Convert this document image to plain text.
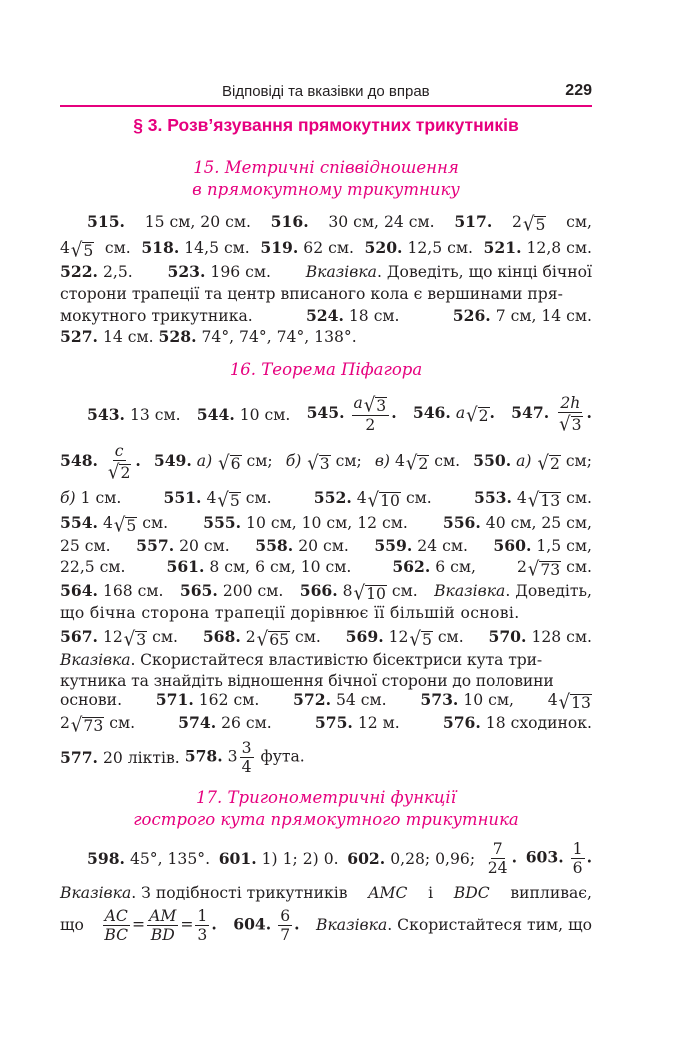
Відповіді та вказівки до вправ	229
§ 3. Розв’язування прямокутних трикутників
15. Метричні співвідношення
в прямокутному трикутнику
515. 15 см, 20 см. 516. 30 см, 24 см. 517. 2 √ 5 см,
4 √ 5 см. 518. 14,5 см. 519. 62 см. 520. 12,5 см. 521. 12,8 см.
522. 2,5. 523. 196 см. Вказівка. Доведіть, що кінці бічної
сторони трапеції та центр вписаного кола є вершинами пря-
мокутного трикутника.	524. 18 см.	526. 7 см, 14 см.
527. 14 см. 528. 74°, 74°, 74°, 138°.
16. Теорема Піфагора
543. 13 см. 544. 10 см. 545. $\frac{a √ 3}{2}$ . 546. a √ 2 . 547. $\frac{2h}{√ 3}$ .
548. $\frac{c}{√ 2}$ . 549. а) √ 6 см; б) √ 3 см; в) 4 √ 2 см. 550. а) √ 2 см;
б) 1 см.	551. 4 √ 5 см.	552. 4 √ 10 см.	553. 4 √ 13 см.
554. 4 √ 5 см. 555. 10 см, 10 см, 12 см. 556. 40 см, 25 см,
25 см. 557. 20 см. 558. 20 см. 559. 24 см. 560. 1,5 см,
22,5 см.	561. 8 см, 6 см, 10 см.	562. 6 см,	2 √ 73 см.
564. 168 см. 565. 200 см. 566. 8 √ 10 см. Вказівка. Доведіть,
що бічна сторона трапеції дорівнює її більшій основі.
567. 12 √ 3 см. 568. 2 √ 65 см. 569. 12 √ 5 см. 570. 128 см.
Вказівка. Скористайтеся властивістю бісектриси кута три-
кутника та знайдіть відношення бічної сторони до половини
основи. 571. 162 см. 572. 54 см. 573. 10 см, 4 √ 13
2 √ 73 см.	574. 26 см.	575. 12 м.	576. 18 сходинок.
577. 20 ліктів.
578. $3 \frac{3}{4}$ фута.
17. Тригонометричні функції
гострого кута прямокутного трикутника
598. 45°, 135°. 601. 1) 1; 2) 0. 602. 0,28; 0,96; $\frac{7}{24}$ . 603. $\frac{1}{6}$ .
Вказівка. З подібності трикутників AMC і BDC випливає,
що $\frac{AC}{BC} = \frac{AM}{BD} = \frac{1}{3}$ . 604. $\frac{6}{7}$ . Вказівка. Скористайтеся тим, що
